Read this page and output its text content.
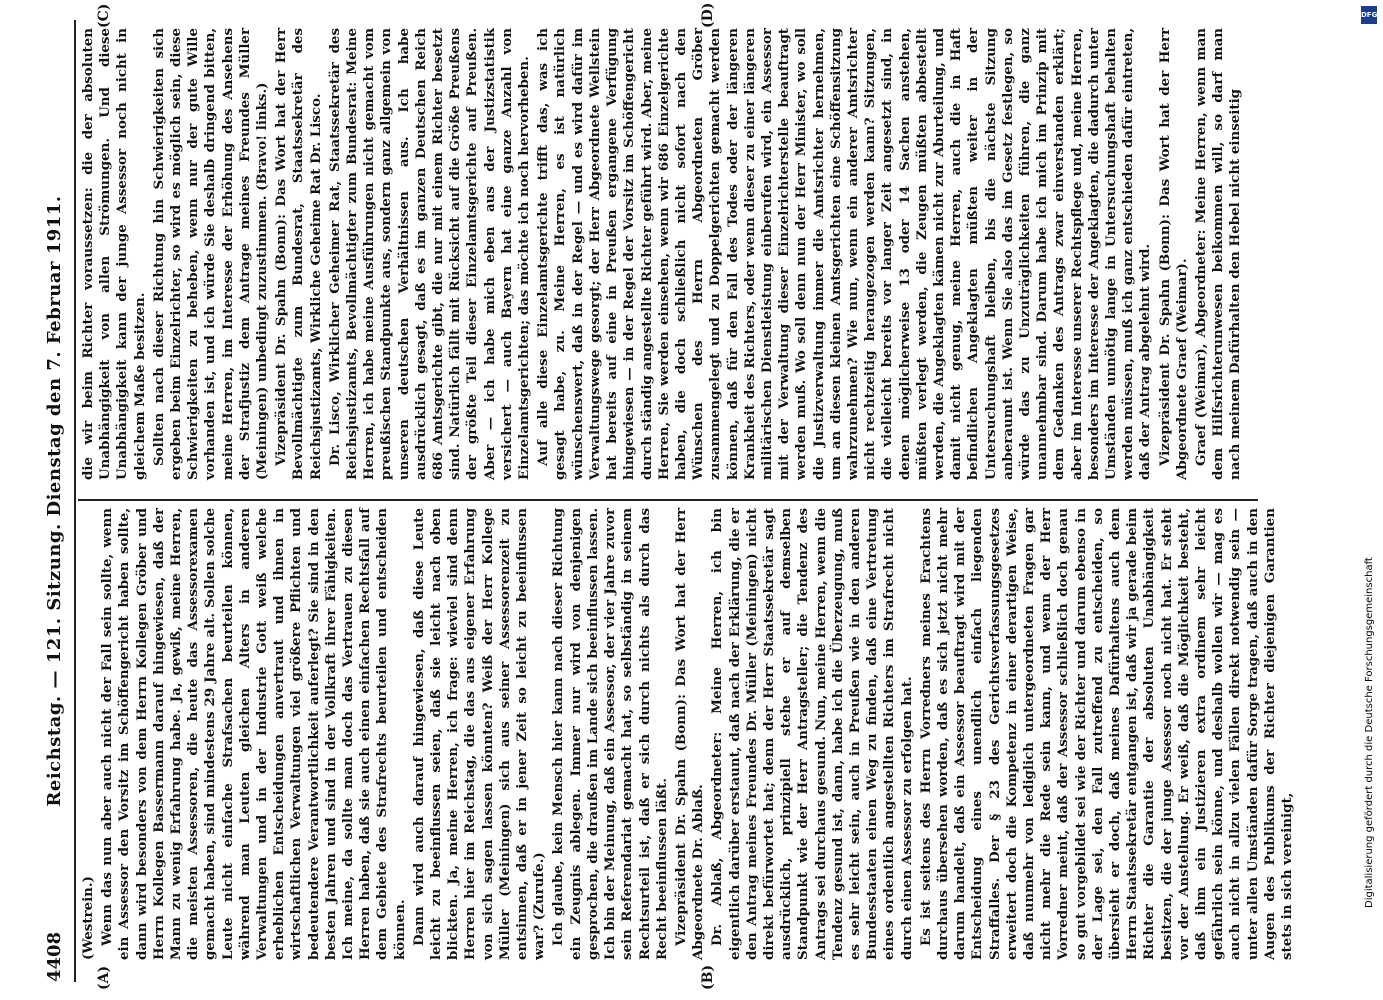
4408
Reichstag. — 121. Sitzung. Dienstag den 7. Februar 1911.
(A)	(B)
(C)	(D)

(Westrein.) Wenn das nun aber auch nicht der Fall sein sollte, wenn ein Assessor den Vorsitz im Schöffengericht haben sollte, dann wird besonders von dem Herrn Kollegen Gröber und Herrn Kollegen Bassermann darauf hingewiesen, daß der Mann zu wenig Erfahrung habe. Ja, gewiß, meine Herren, die meisten Assessoren, die heute das Assessorexamen gemacht haben, sind mindestens 29 Jahre alt. Sollen solche Leute nicht einfache Strafsachen beurteilen können, während man Leuten gleichen Alters in anderen Verwaltungen und in der Industrie Gott weiß welche erheblichen Entscheidungen anvertraut und ihnen in wirtschaftlichen Verwaltungen viel größere Pflichten und bedeutendere Verantwortlichkeit auferlegt? Sie sind in den besten Jahren und sind in der Vollkraft ihrer Fähigkeiten. Ich meine, da sollte man doch das Vertrauen zu diesen Herren haben, daß sie auch einen einfachen Rechtsfall auf dem Gebiete des Strafrechts beurteilen und entscheiden können. Dann wird auch darauf hingewiesen, daß diese Leute leicht zu beeinflussen seien, daß sie leicht nach oben blickten. Ja, meine Herren, ich frage: wieviel sind denn Herren hier im Reichstag, die das aus eigener Erfahrung von sich sagen lassen könnten? Weiß der Herr Kollege Müller (Meiningen) sich aus seiner Assessorenzeit zu entsinnen, daß er in jener Zeit so leicht zu beeinflussen war? (Zurufe.) Ich glaube, kein Mensch hier kann nach dieser Richtung ein Zeugnis ablegen. Immer nur wird von denjenigen gesprochen, die draußen im Lande sich beeinflussen lassen. Ich bin der Meinung, daß ein Assessor, der vier Jahre zuvor sein Referendariat gemacht hat, so selbständig in seinem Rechtsurteil ist, daß er sich durch nichts als durch das Recht beeinflussen läßt. Vizepräsident Dr. Spahn (Bonn): Das Wort hat der Herr Abgeordnete Dr. Ablaß. Dr. Ablaß, Abgeordneter: Meine Herren, ich bin eigentlich darüber erstaunt, daß nach der Erklärung, die er den Antrag meines Freundes Dr. Müller (Meiningen) nicht direkt befürwortet hat; denn der Herr Staatssekretär sagt ausdrücklich, prinzipiell stehe er auf demselben Standpunkt wie der Herr Antragsteller; die Tendenz des Antrags sei durchaus gesund. Nun, meine Herren, wenn die Tendenz gesund ist, dann, habe ich die Überzeugung, muß es sehr leicht sein, auch in Preußen wie in den anderen Bundesstaaten einen Weg zu finden, daß eine Vertretung eines ordentlich angestellten Richters im Strafrecht nicht durch einen Assessor zu erfolgen hat. Es ist seitens des Herrn Vorredners meines Erachtens durchaus übersehen worden, daß es sich jetzt nicht mehr darum handelt, daß ein Assessor beauftragt wird mit der Entscheidung eines unendlich einfach liegenden Straffalles. Der § 23 des Gerichtsverfassungsgesetzes erweitert doch die Kompetenz in einer derartigen Weise, daß nunmehr von lediglich untergeordneten Fragen gar nicht mehr die Rede sein kann, und wenn der Herr Vorredner meint, daß der Assessor schließlich doch genau so gut vorgebildet sei wie der Richter und darum ebenso in der Lage sei, den Fall zutreffend zu entscheiden, so übersieht er doch, daß meines Dafürhaltens auch dem Herrn Staatssekretär entgangen ist, daß wir ja gerade beim Richter die Garantie der absoluten Unabhängigkeit besitzen, die der junge Assessor noch nicht hat. Er steht vor der Anstellung. Er weiß, daß die Möglichkeit besteht, daß ihm ein Justizieren extra ordinem sehr leicht gefährlich sein könne, und deshalb wollen wir — mag es auch nicht in allzu vielen Fällen direkt notwendig sein — unter allen Umständen dafür Sorge tragen, daß auch in den Augen des Publikums der Richter diejenigen Garantien stets in sich vereinigt,

die wir beim Richter voraussetzen: die der absoluten Unabhängigkeit von allen Strömungen. Und diese Unabhängigkeit kann der junge Assessor noch nicht in gleichem Maße besitzen. Sollten nach dieser Richtung hin Schwierigkeiten sich ergeben beim Einzelrichter, so wird es möglich sein, diese Schwierigkeiten zu beheben, wenn nur der gute Wille vorhanden ist, und ich würde Sie deshalb dringend bitten, meine Herren, im Interesse der Erhöhung des Ansehens der Strafjustiz dem Antrage meines Freundes Müller (Meiningen) unbedingt zuzustimmen. (Bravo! links.) Vizepräsident Dr. Spahn (Bonn): Das Wort hat der Herr Bevollmächtigte zum Bundesrat, Staatssekretär des Reichsjustizamts, Wirkliche Geheime Rat Dr. Lisco. Dr. Lisco, Wirklicher Geheimer Rat, Staatssekretär des Reichsjustizamts, Bevollmächtigter zum Bundesrat: Meine Herren, ich habe meine Ausführungen nicht gemacht vom preußischen Standpunkte aus, sondern ganz allgemein von unseren deutschen Verhältnissen aus. Ich habe ausdrücklich gesagt, daß es im ganzen Deutschen Reich 686 Amtsgerichte gibt, die nur mit einem Richter besetzt sind. Natürlich fällt mit Rücksicht auf die Größe Preußens der größte Teil dieser Einzelamtsgerichte auf Preußen. Aber — ich habe mich eben aus der Justizstatistik versichert — auch Bayern hat eine ganze Anzahl von Einzelamtsgerichten; das möchte ich noch hervorheben. Auf alle diese Einzelamtsgerichte trifft das, was ich gesagt habe, zu. Meine Herren, es ist natürlich wünschenswert, daß in der Regel — und es wird dafür im Verwaltungswege gesorgt; der Herr Abgeordnete Wellstein hat bereits auf eine in Preußen ergangene Verfügung hingewiesen — in der Regel der Vorsitz im Schöffengericht durch ständig angestellte Richter geführt wird. Aber, meine Herren, Sie werden einsehen, wenn wir 686 Einzelgerichte haben, die doch schließlich nicht sofort nach den Wünschen des Herrn Abgeordneten Gröber zusammengelegt und zu Doppelgerichten gemacht werden können, daß für den Fall des Todes oder der längeren Krankheit des Richters, oder wenn dieser zu einer längeren militärischen Dienstleistung einberufen wird, ein Assessor mit der Verwaltung dieser Einzelrichterstelle beauftragt werden muß. Wo soll denn nun der Herr Minister, wo soll die Justizverwaltung immer die Amtsrichter hernehmen, um an diesen kleinen Amtsgerichten eine Schöffensitzung wahrzunehmen? Wie nun, wenn ein anderer Amtsrichter nicht rechtzeitig herangezogen werden kann? Sitzungen, die vielleicht bereits vor langer Zeit angesetzt sind, in denen möglicherweise 13 oder 14 Sachen anstehen, müßten verlegt werden, die Zeugen müßten abbestellt werden, die Angeklagten kämen nicht zur Aburteilung, und damit nicht genug, meine Herren, auch die in Haft befindlichen Angeklagten müßten weiter in der Untersuchungshaft bleiben, bis die nächste Sitzung anberaumt ist. Wenn Sie also das im Gesetz festlegen, so würde das zu Unzuträglichkeiten führen, die ganz unannehmbar sind. Darum habe ich mich im Prinzip mit dem Gedanken des Antrags zwar einverstanden erklärt; aber im Interesse unserer Rechtspflege und, meine Herren, besonders im Interesse der Angeklagten, die dadurch unter Umständen unnötig lange in Untersuchungshaft behalten werden müssen, muß ich ganz entschieden dafür eintreten, daß der Antrag abgelehnt wird. Vizepräsident Dr. Spahn (Bonn): Das Wort hat der Herr Abgeordnete Graef (Weimar). Graef (Weimar), Abgeordneter: Meine Herren, wenn man dem Hilfsrichterunwesen beikommen will, so darf man nach meinem Dafürhalten den Hebel nicht einseitig

DFG
Digitalisierung gefördert durch die Deutsche Forschungsgemeinschaft
